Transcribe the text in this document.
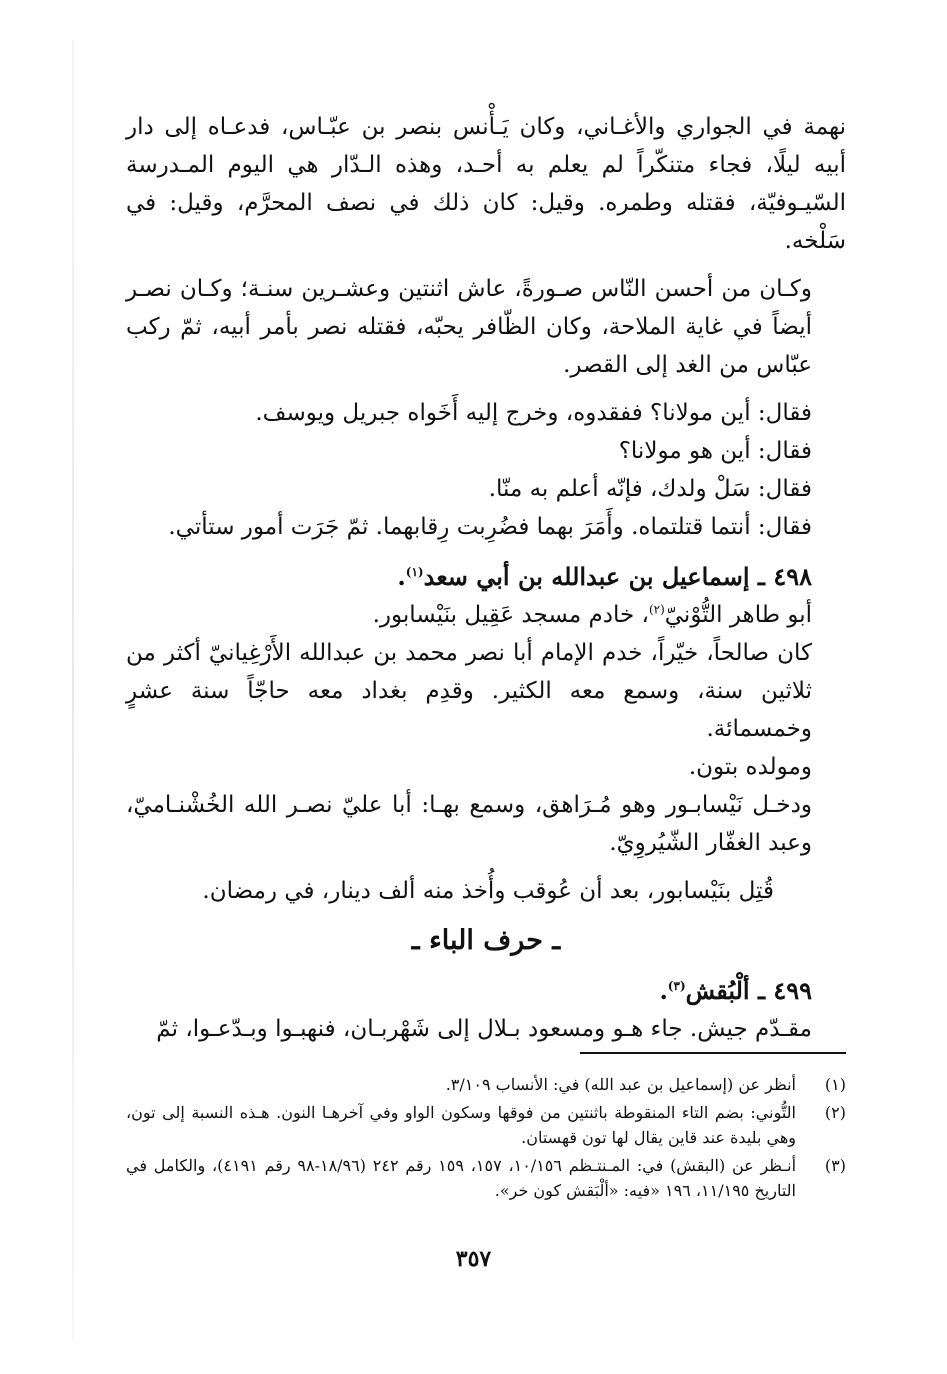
نهمة في الجواري والأغـاني، وكان يَـأْنس بنصر بن عبّـاس، فدعـاه إلى دار أبيه ليلًا، فجاء متنكّراً لم يعلم به أحـد، وهذه الـدّار هي اليوم المـدرسة السّيـوفيّة، فقتله وطمره. وقيل: كان ذلك في نصف المحرَّم، وقيل: في سَلْخه.

وكـان من أحسن النّاس صـورةً، عاش اثنتين وعشـرين سنـة؛ وكـان نصـر أيضاً في غاية الملاحة، وكان الظّافر يحبّه، فقتله نصر بأمر أبيه، ثمّ ركب عبّاس من الغد إلى القصر.

فقال: أين مولانا؟ ففقدوه، وخرج إليه أَخَواه جبريل ويوسف.

فقال: أين هو مولانا؟

فقال: سَلْ ولدك، فإنّه أعلم به منّا.

فقال: أنتما قتلتماه. وأَمَرَ بهما فضُرِبت رِقابهما. ثمّ جَرَت أمور ستأتي.

٤٩٨ ـ إسماعيل بن عبدالله بن أبي سعد$^{(١)}$.

أبو طاهر التُّوْنيّ$^{(٢)}$، خادم مسجد عَقِيل بنَيْسابور.

كان صالحاً، خيّراً، خدم الإمام أبا نصر محمد بن عبدالله الأَرْغِيانيّ أكثر من ثلاثين سنة، وسمع معه الكثير. وقدِم بغداد معه حاجّاً سنة عشرٍ وخمسمائة.

ومولده بتون.

ودخـل نَيْسابـور وهو مُـرَاهق، وسمع بهـا: أبا عليّ نصـر الله الخُشْنـاميّ، وعبد الغفّار الشّيُروِيّ.

قُتِل بنَيْسابور، بعد أن عُوقب وأُخذ منه ألف دينار، في رمضان.

ـ حرف الباء ـ

٤٩٩ ـ ألْبُقش$^{(٣)}$.

مقـدّم جيش. جاء هـو ومسعود بـلال إلى شَهْربـان، فنهبـوا وبـدّعـوا، ثمّ

(١)
أنظر عن (إسماعيل بن عبد الله) في: الأنساب ٣/١٠٩.
(٢)
التُّوني: بضم التاء المنقوطة باثنتين من فوقها وسكون الواو وفي آخرهـا النون. هـذه النسبة إلى تون، وهي بليدة عند قاين يقال لها تون قهستان.
(٣)
أنـظر عن (البقش) في: المـنتـظم ١٠/١٥٦، ١٥٧، ١٥٩ رقم ٢٤٢ (١٨/٩٦-٩٨ رقم ٤١٩١)، والكامل في التاريخ ١١/١٩٥، ١٩٦ «فيه: «ألْبَقش كون خر».
٣٥٧
